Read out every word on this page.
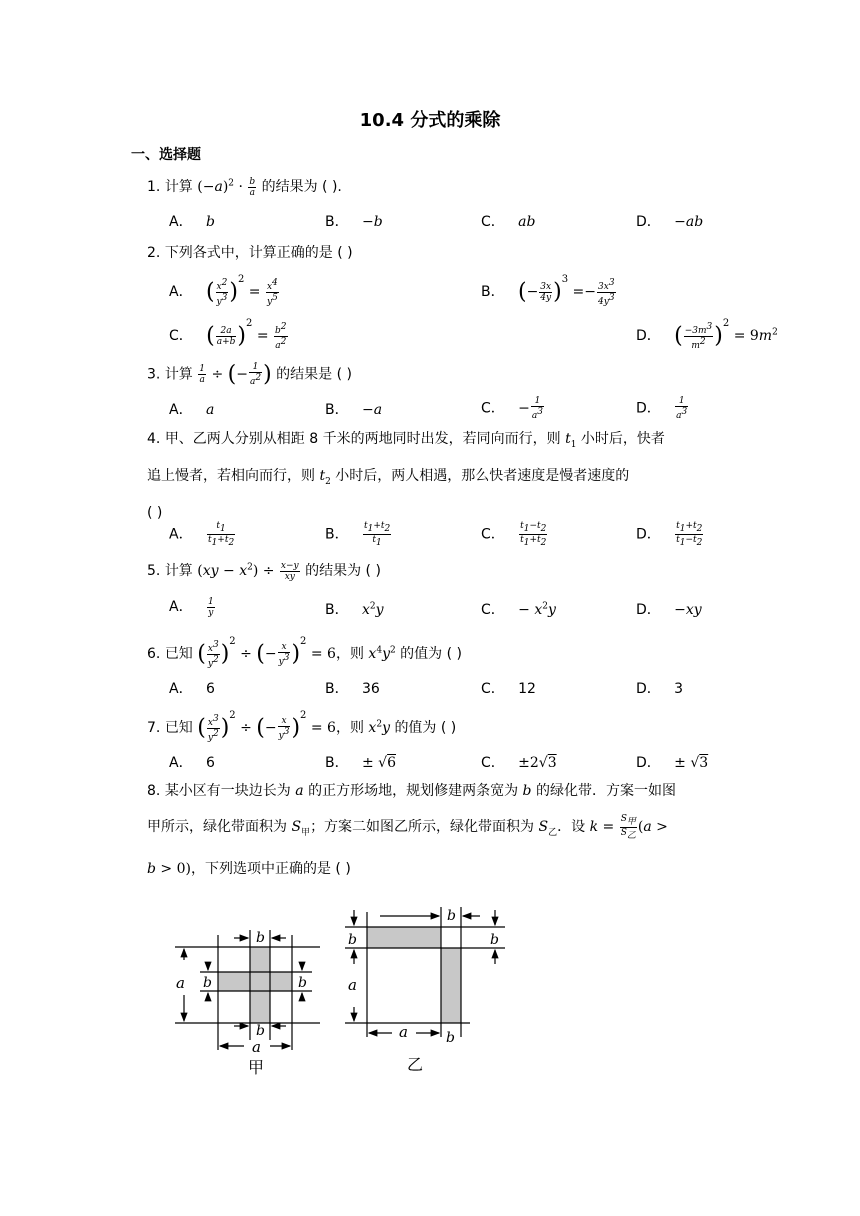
10.4 分式的乘除
一、选择题
1. 计算 $(-a)^2 \cdot \frac{b}{a}$ 的结果为 ( ).
A． b	B． −b	C． ab	D． −ab
2. 下列各式中，计算正确的是 ( )
A． ( $\frac{x^2}{y^3} )^2 = \frac{x^4}{y^5}$	B． (− $\frac{3x}{4y} )^3 =- \frac{3x^3}{4y^3}$
C． ( $\frac{2a}{a+b} )^2 = \frac{b^2}{a^2}$	D． ( $\frac{-3m^3}{m^2} )^2 = 9m^2$
3. 计算 $\frac{1}{a}$ ÷ (− $\frac{1}{a^2}$ ) 的结果是 ( )
A． a	B． −a	C． − $\frac{1}{a^3}$	D． $\frac{1}{a^3}$
4. 甲、乙两人分别从相距 8 千米的两地同时出发，若同向而行，则 $t_1$ 小时后，快者
追上慢者，若相向而行，则 $t_2$ 小时后，两人相遇，那么快者速度是慢者速度的
( )
A． $\frac{t_1}{t_1+t_2}$	B． $\frac{t_1+t_2}{t_1}$	C． $\frac{t_1-t_2}{t_1+t_2}$	D． $\frac{t_1+t_2}{t_1-t_2}$
5. 计算 $(xy - x^2) \div \frac{x-y}{xy}$ 的结果为 ( )
A． $\frac{1}{y}$	B． $x^2y$	C． − $x^2y$	D． −xy
6. 已知 ( $\frac{x^3}{y^2} )^2$ ÷ (− $\frac{x}{y^3} )^2 = 6$，则 $x^4y^2$ 的值为 ( )
A． 6	B． 36	C． 12	D． 3
7. 已知 ( $\frac{x^3}{y^2} )^2$ ÷ (− $\frac{x}{y^3} )^2 = 6$，则 $x^2y$ 的值为 ( )
A． 6	B． ± √6	C． ±2√3	D． ± √3
8. 某小区有一块边长为 a 的正方形场地，规划修建两条宽为 b 的绿化带．方案一如图
甲所示，绿化带面积为 $S_甲$；方案二如图乙所示，绿化带面积为 $S_乙$．设 $k = \frac{S_甲}{S_乙} (a$ >
b > 0)，下列选项中正确的是 ( )
a b	b
b
b
a
甲
b
a
b
b
a	b
乙
